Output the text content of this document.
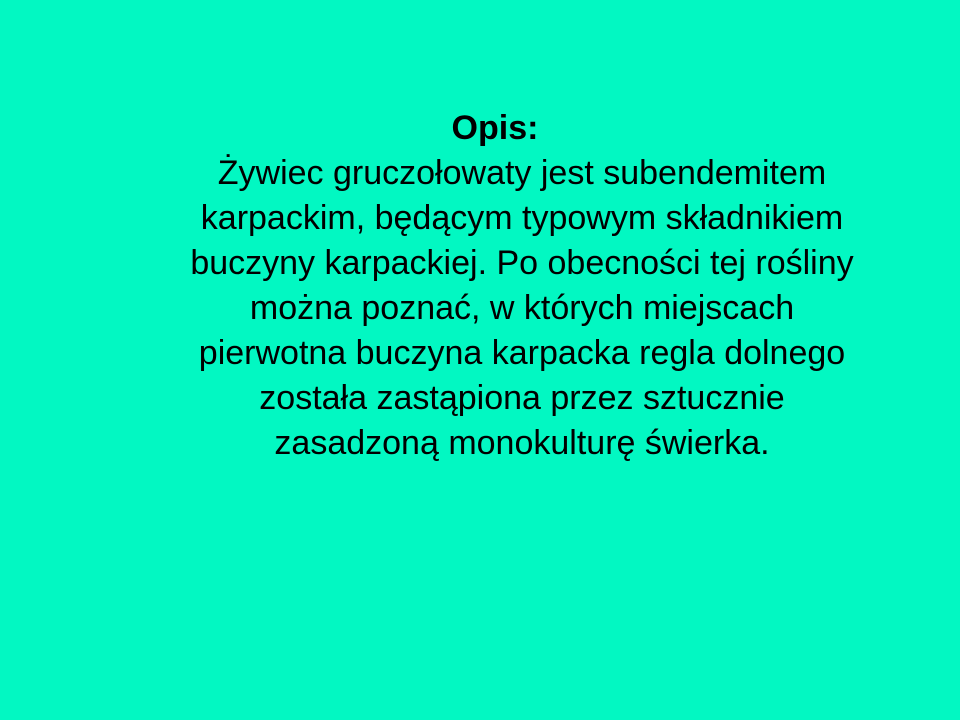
Opis:
Żywiec gruczołowaty jest subendemitem
karpackim, będącym typowym składnikiem
buczyny karpackiej. Po obecności tej rośliny
można poznać, w których miejscach
pierwotna buczyna karpacka regla dolnego
została zastąpiona przez sztucznie
zasadzoną monokulturę świerka.
